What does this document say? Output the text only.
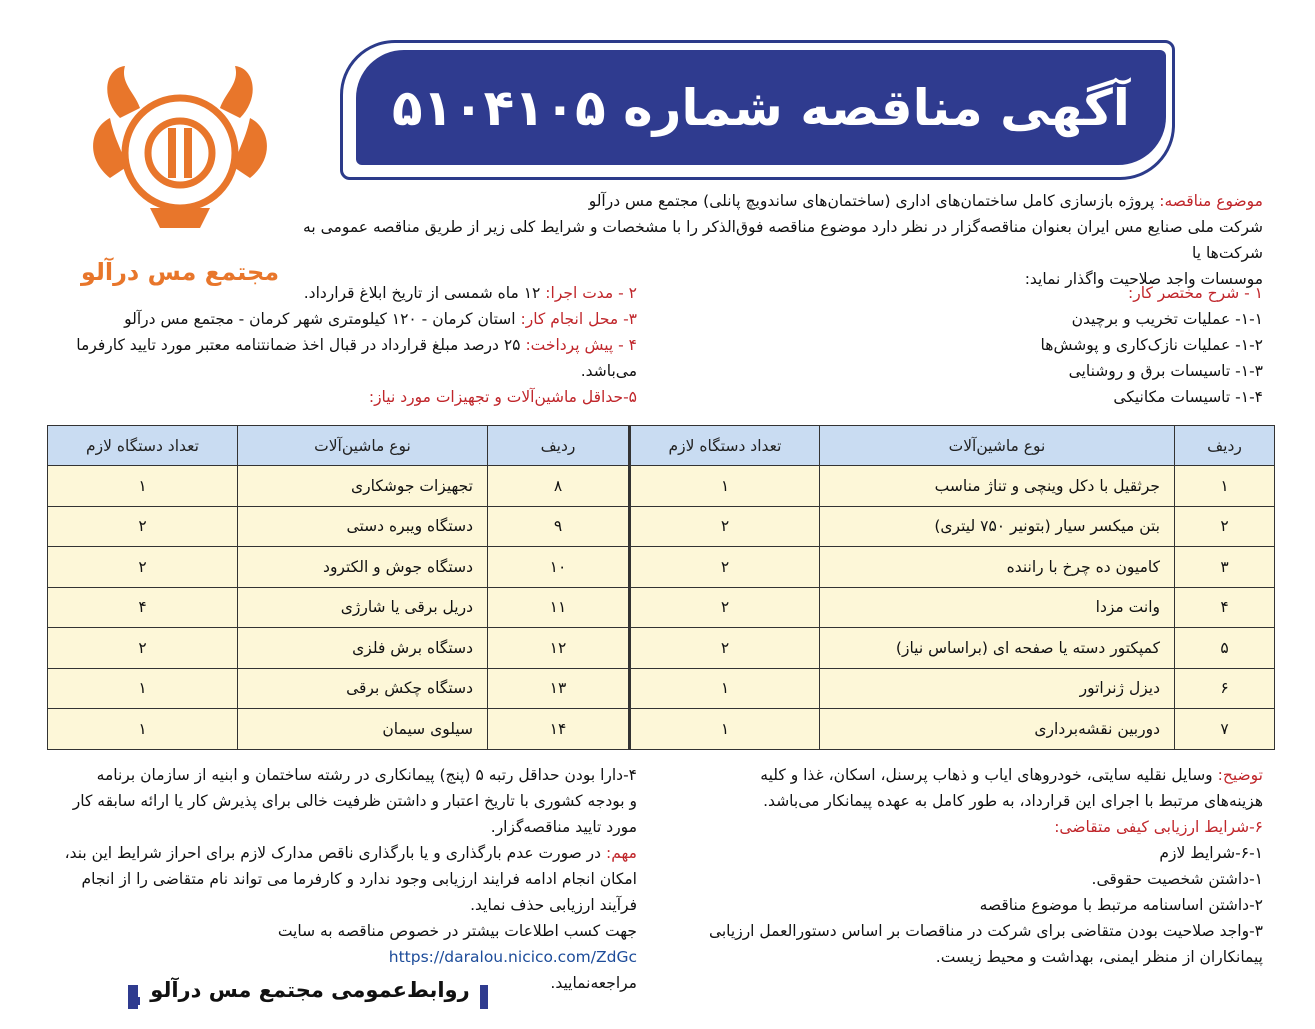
مجتمع مس درآلو
آگهی مناقصه شماره ۵۱۰۴۱۰۵
موضوع مناقصه: پروژه بازسازی کامل ساختمان‌های اداری (ساختمان‌های ساندویچ پانلی) مجتمع مس درآلو
شرکت ملی صنایع مس ایران بعنوان مناقصه‌گزار در نظر دارد موضوع مناقصه فوق‌الذکر را با مشخصات و شرایط کلی زیر از طریق مناقصه عمومی به شرکت‌ها یا
موسسات واجد صلاحیت واگذار نماید:
۱ - شرح مختصر کار:
۱-۱- عملیات تخریب و برچیدن
۱-۲- عملیات نازک‌کاری و پوشش‌ها
۱-۳- تاسیسات برق و روشنایی
۱-۴- تاسیسات مکانیکی
۲ - مدت اجرا: ۱۲ ماه شمسی از تاریخ ابلاغ قرارداد.
۳- محل انجام کار: استان کرمان - ۱۲۰ کیلومتری شهر کرمان - مجتمع مس درآلو
۴ - پیش پرداخت: ۲۵ درصد مبلغ قرارداد در قبال اخذ ضمانتنامه معتبر مورد تایید کارفرما
می‌باشد.
۵-حداقل ماشین‌آلات و تجهیزات مورد نیاز:
ردیف	نوع ماشین‌آلات	تعداد دستگاه لازم	ردیف	نوع ماشین‌آلات	تعداد دستگاه لازم
۱	جرثقیل با دکل وینچی و تناژ مناسب	۱	۸	تجهیزات جوشکاری	۱
۲	بتن میکسر سیار (بتونیر ۷۵۰ لیتری)	۲	۹	دستگاه ویبره دستی	۲
۳	کامیون ده چرخ با راننده	۲	۱۰	دستگاه جوش و الکترود	۲
۴	وانت مزدا	۲	۱۱	دریل برقی یا شارژی	۴
۵	کمپکتور دسته یا صفحه ای (براساس نیاز)	۲	۱۲	دستگاه برش فلزی	۲
۶	دیزل ژنراتور	۱	۱۳	دستگاه چکش برقی	۱
۷	دوربین نقشه‌برداری	۱	۱۴	سیلوی سیمان	۱
توضیح: وسایل نقلیه سایتی، خودروهای ایاب و ذهاب پرسنل، اسکان، غذا و کلیه
هزینه‌های مرتبط با اجرای این قرارداد، به طور کامل به عهده پیمانکار می‌باشد.
۶-شرایط ارزیابی کیفی متقاضی:
۶-۱-شرایط لازم
۱-داشتن شخصیت حقوقی.
۲-داشتن اساسنامه مرتبط با موضوع مناقصه
۳-واجد صلاحیت بودن متقاضی برای شرکت در مناقصات بر اساس دستورالعمل ارزیابی
پیمانکاران از منظر ایمنی، بهداشت و محیط زیست.
۴-دارا بودن حداقل رتبه ۵ (پنج) پیمانکاری در رشته ساختمان و ابنیه از سازمان برنامه
و بودجه کشوری با تاریخ اعتبار و داشتن ظرفیت خالی برای پذیرش کار یا ارائه سابقه کار
مورد تایید مناقصه‌گزار.
مهم: در صورت عدم بارگذاری و یا بارگذاری ناقص مدارک لازم برای احراز شرایط این بند،
امکان انجام ادامه فرایند ارزیابی وجود ندارد و کارفرما می تواند نام متقاضی را از انجام
فرآیند ارزیابی حذف نماید.
جهت کسب اطلاعات بیشتر در خصوص مناقصه به سایت https://daralou.nicico.com/ZdGc
مراجعه‌نمایید.
روابط‌عمومی مجتمع مس درآلو
